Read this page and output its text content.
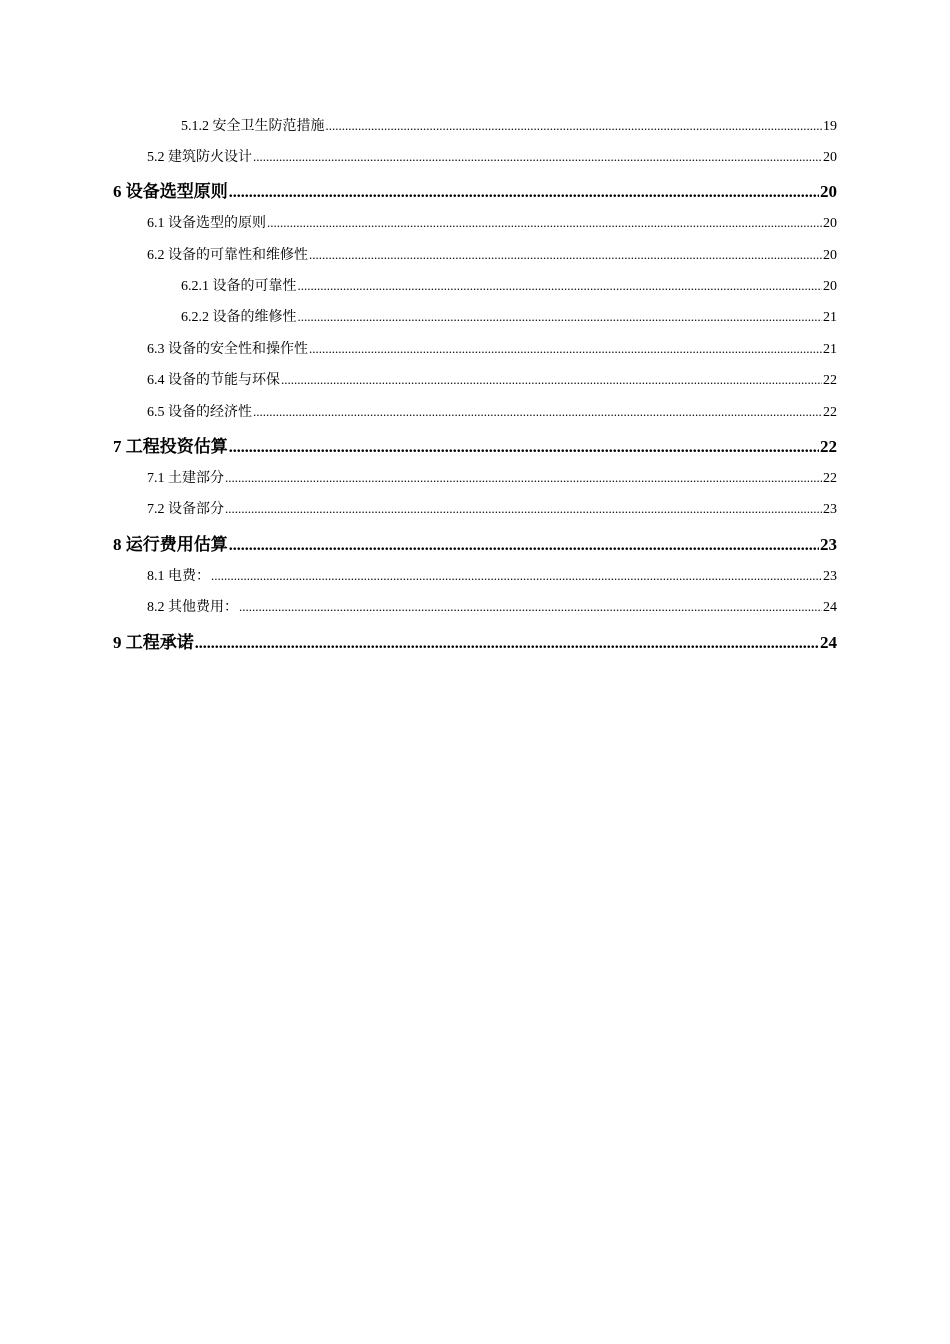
5.1.2 安全卫生防范措施 .....	19
5.2 建筑防火设计 .....	20
6 设备选型原则 .....	20
6.1 设备选型的原则 .....	20
6.2 设备的可靠性和维修性 .....	20
6.2.1 设备的可靠性 .....	20
6.2.2 设备的维修性 .....	21
6.3 设备的安全性和操作性 .....	21
6.4 设备的节能与环保 .....	22
6.5 设备的经济性 .....	22
7 工程投资估算 .....	22
7.1 土建部分 .....	22
7.2 设备部分 .....	23
8 运行费用估算 .....	23
8.1 电费： .....	23
8.2 其他费用： .....	24
9 工程承诺 .....	24
